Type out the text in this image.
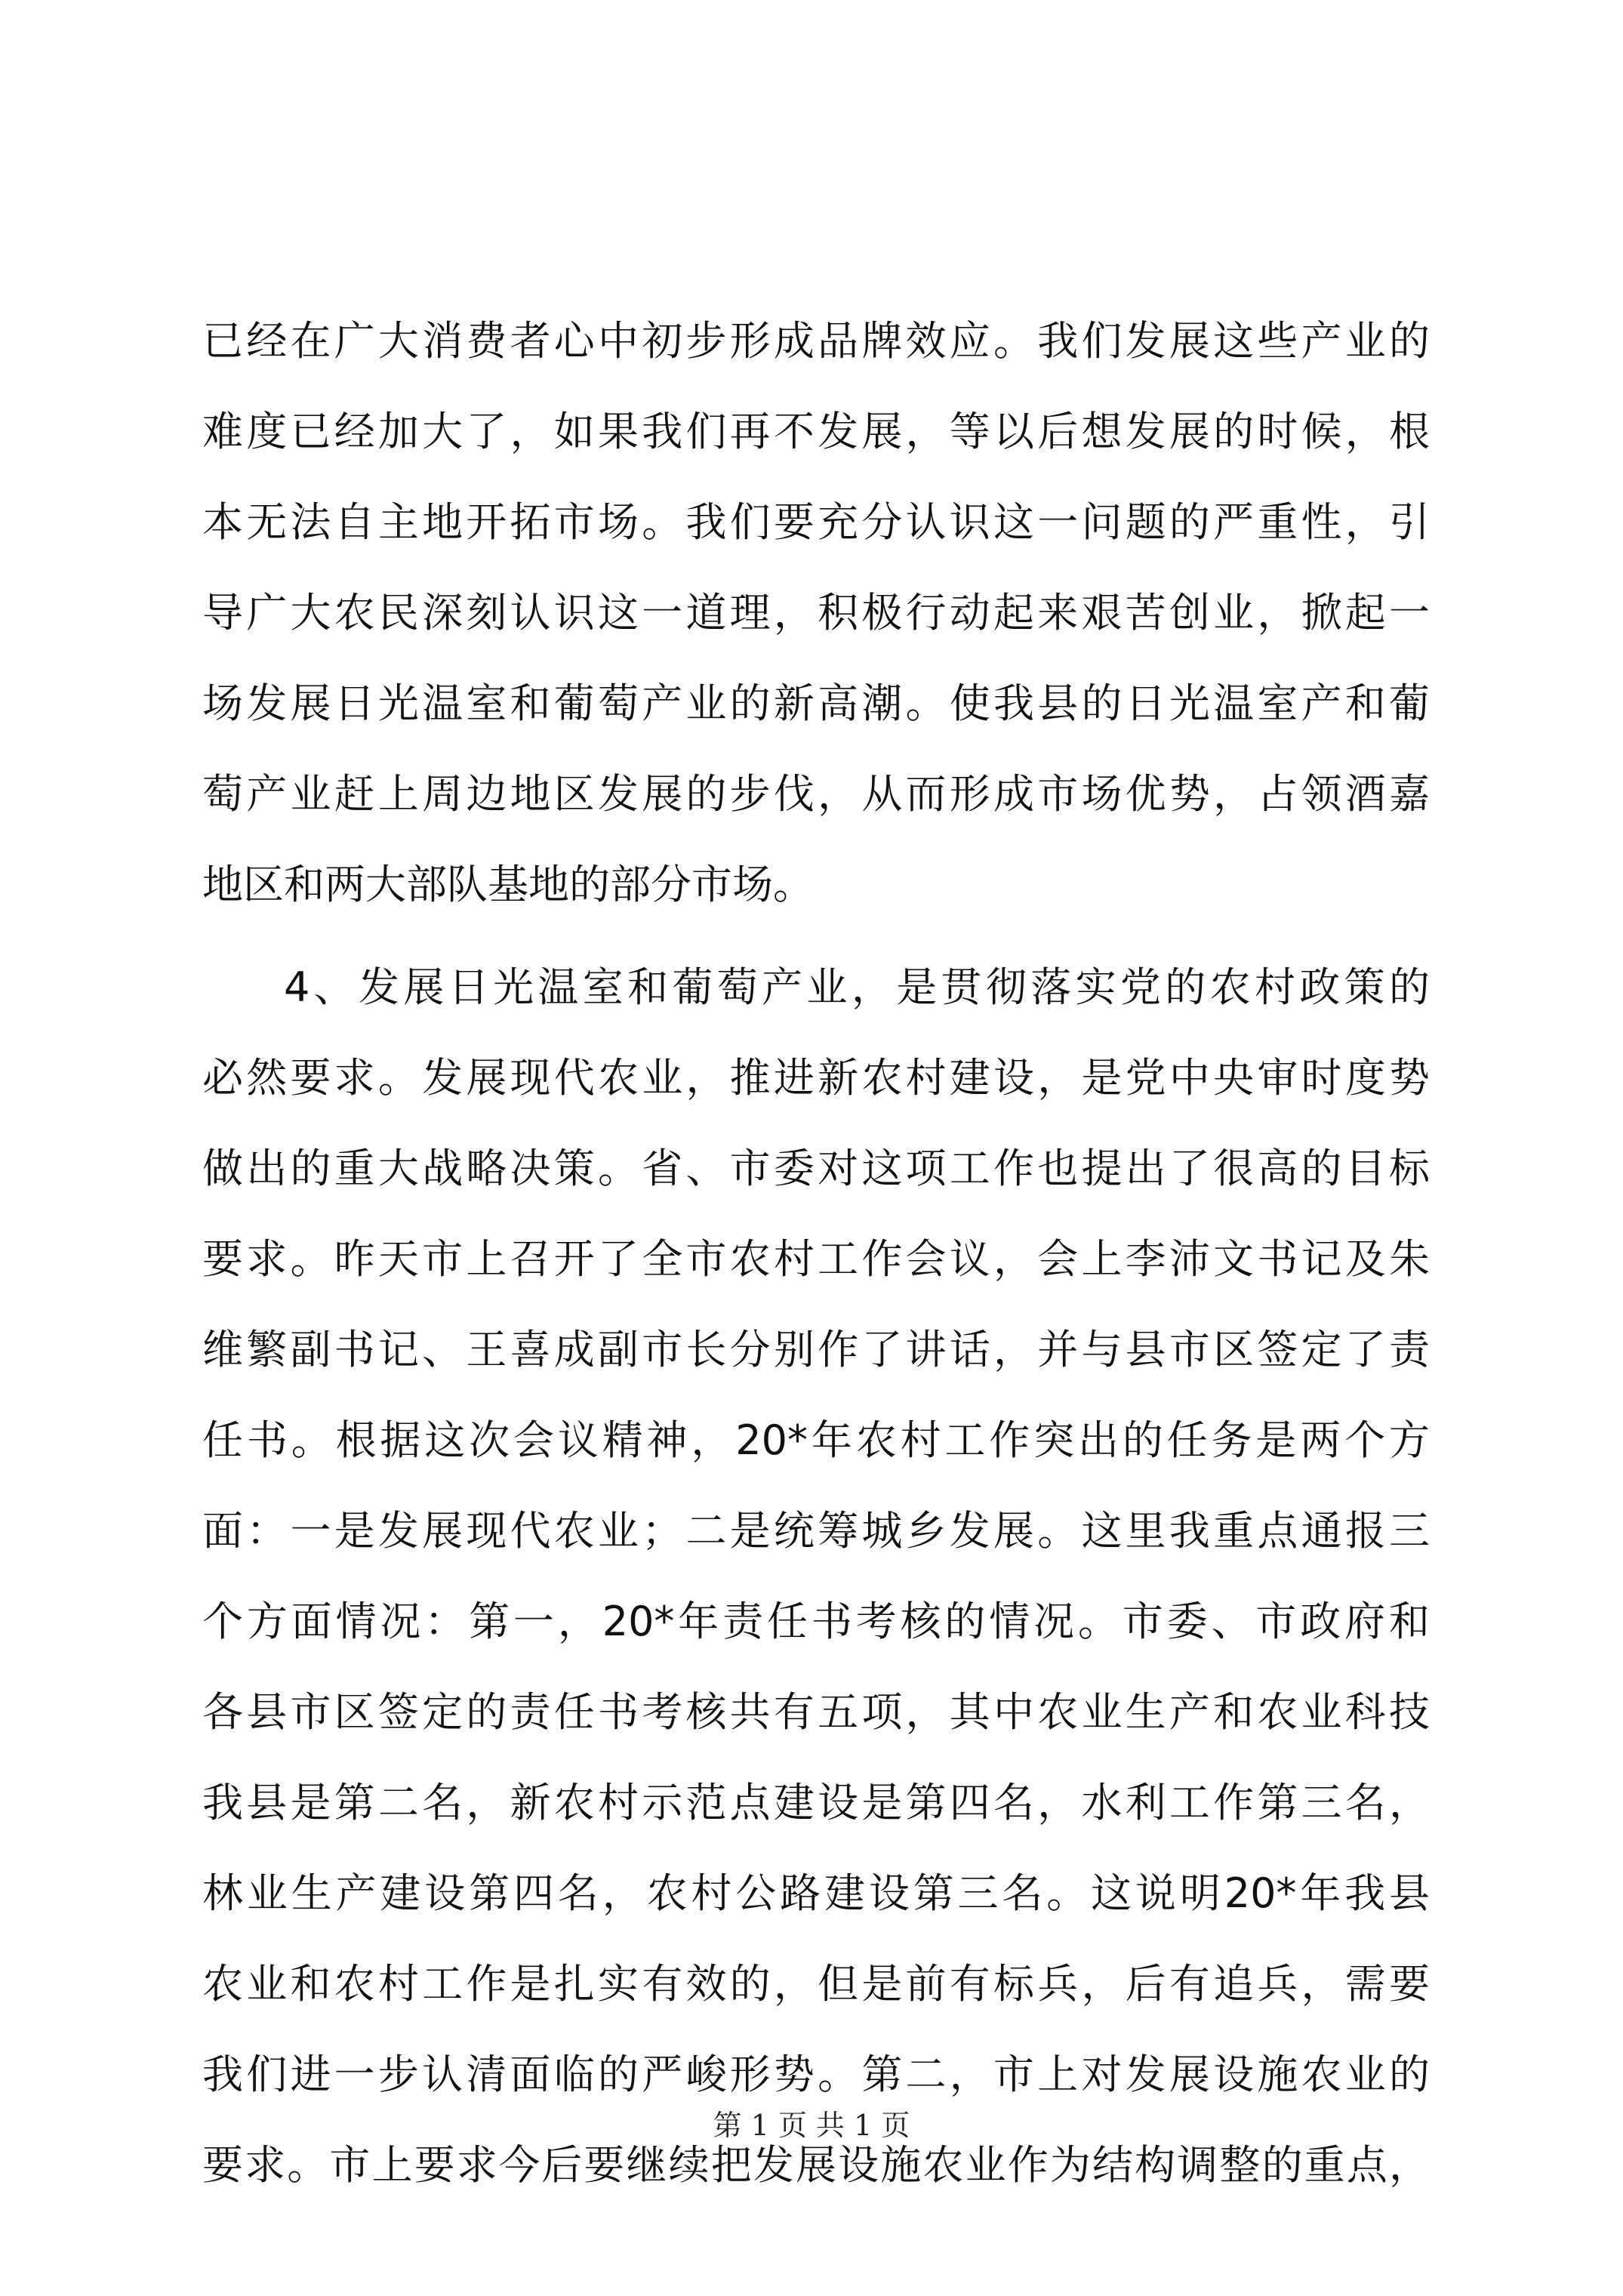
已经在广大消费者心中初步形成品牌效应。我们发展这些产业的
难度已经加大了，如果我们再不发展，等以后想发展的时候，根
本无法自主地开拓市场。我们要充分认识这一问题的严重性，引
导广大农民深刻认识这一道理，积极行动起来艰苦创业，掀起一
场发展日光温室和葡萄产业的新高潮。使我县的日光温室产和葡
萄产业赶上周边地区发展的步伐，从而形成市场优势，占领酒嘉
地区和两大部队基地的部分市场。
4、发展日光温室和葡萄产业，是贯彻落实党的农村政策的
必然要求。发展现代农业，推进新农村建设，是党中央审时度势
做出的重大战略决策。省、市委对这项工作也提出了很高的目标
要求。昨天市上召开了全市农村工作会议，会上李沛文书记及朱
维繁副书记、王喜成副市长分别作了讲话，并与县市区签定了责
任书。根据这次会议精神，20*年农村工作突出的任务是两个方
面：一是发展现代农业；二是统筹城乡发展。这里我重点通报三
个方面情况：第一，20*年责任书考核的情况。市委、市政府和
各县市区签定的责任书考核共有五项，其中农业生产和农业科技
我县是第二名，新农村示范点建设是第四名，水利工作第三名，
林业生产建设第四名，农村公路建设第三名。这说明20*年我县
农业和农村工作是扎实有效的，但是前有标兵，后有追兵，需要
我们进一步认清面临的严峻形势。第二，市上对发展设施农业的
要求。市上要求今后要继续把发展设施农业作为结构调整的重点，
第 1 页 共 1 页
